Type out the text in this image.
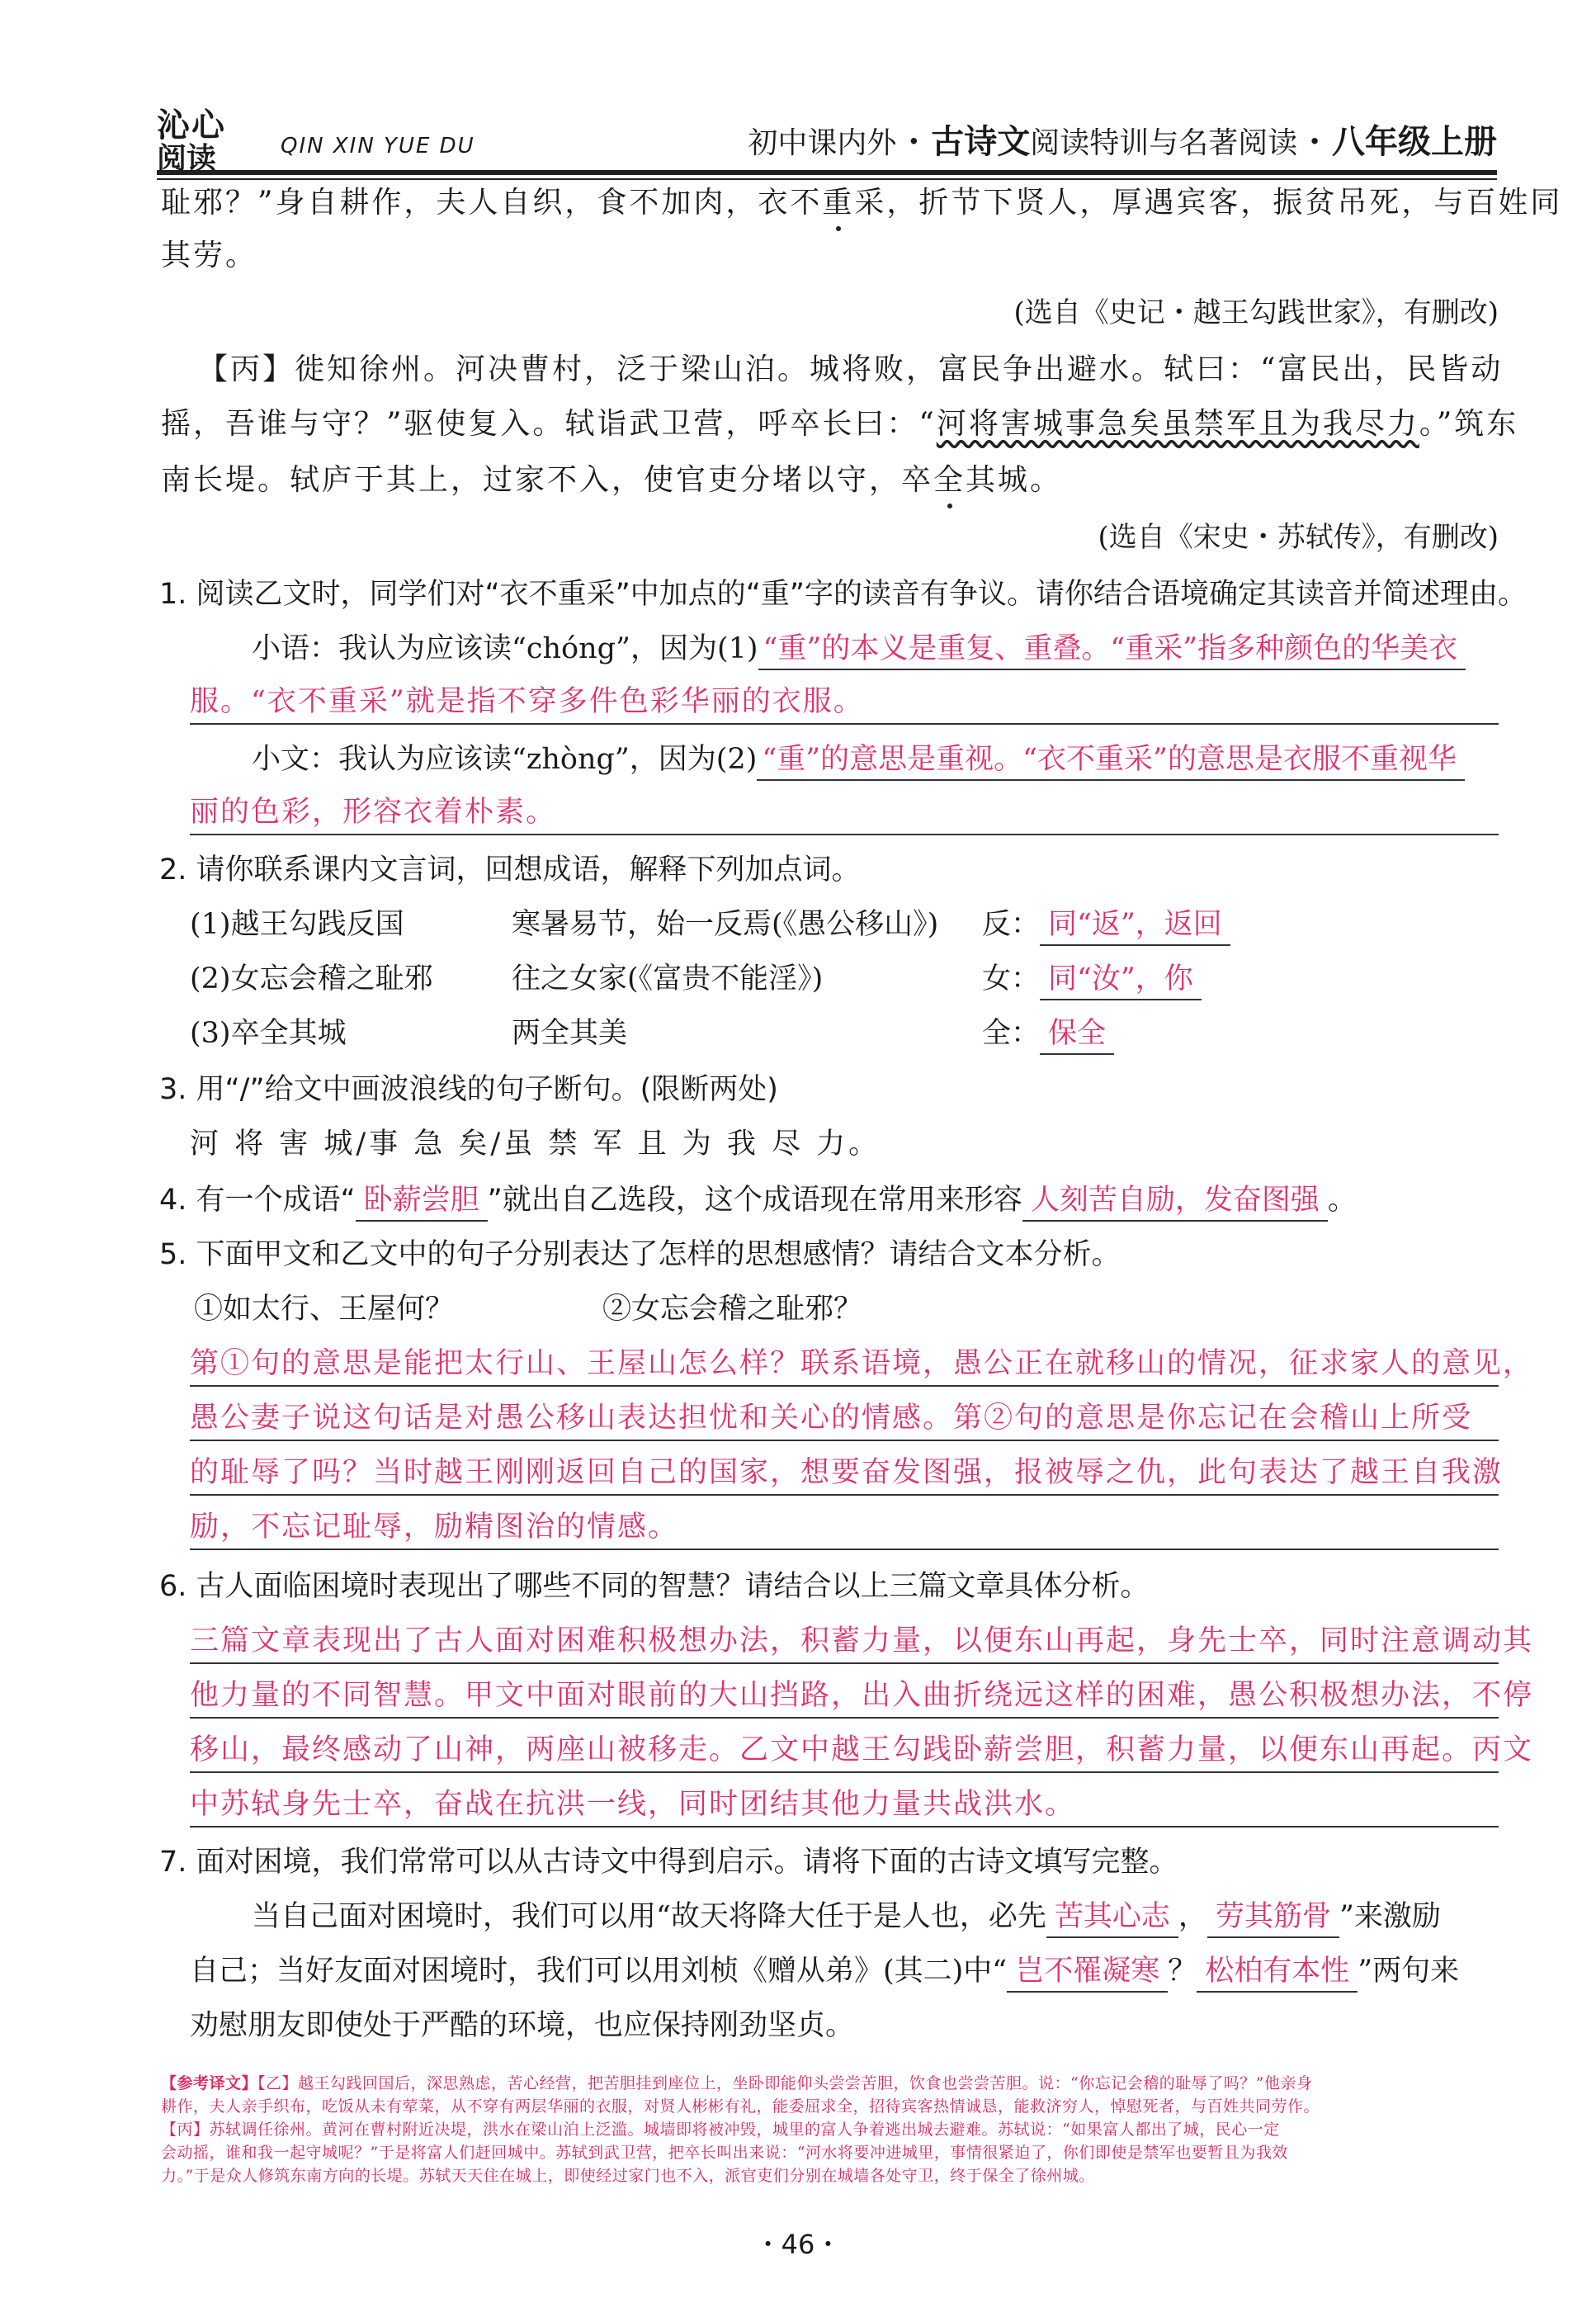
沁心
阅读	QIN XIN YUE DU	初中课内外 · 古诗文阅读特训与名著阅读 · 八年级上册
耻邪？”身自耕作，夫人自织，食不加肉，衣不重采，折节下贤人，厚遇宾客，振贫吊死，与百姓同
其劳。
(选自《史记・越王勾践世家》，有删改)
【丙】徙知徐州。河决曹村，泛于梁山泊。城将败，富民争出避水。轼曰：“富民出，民皆动
摇，吾谁与守？”驱使复入。轼诣武卫营，呼卒长曰：“河将害城事急矣虽禁军且为我尽力。”筑东
南长堤。轼庐于其上，过家不入，使官吏分堵以守，卒全其城。
(选自《宋史・苏轼传》，有删改)
1. 阅读乙文时，同学们对“衣不重采”中加点的“重”字的读音有争议。请你结合语境确定其读音并简述理由。
小语：我认为应该读“chóng”，因为(1) “重”的本义是重复、重叠。“重采”指多种颜色的华美衣
服。“衣不重采”就是指不穿多件色彩华丽的衣服。
小文：我认为应该读“zhòng”，因为(2) “重”的意思是重视。“衣不重采”的意思是衣服不重视华
丽的色彩，形容衣着朴素。
2. 请你联系课内文言词，回想成语，解释下列加点词。
(1)越王勾践反国	寒暑易节，始一反焉(《愚公移山》) 反： 同“返”，返回
(2)女忘会稽之耻邪	往之女家(《富贵不能淫》)	女： 同“汝”，你
(3)卒全其城	两全其美	全： 保全
3. 用“/”给文中画波浪线的句子断句。(限断两处)
河 将 害 城/事 急 矣/虽 禁 军 且 为 我 尽 力。
4. 有一个成语“ 卧薪尝胆 ”就出自乙选段，这个成语现在常用来形容 人刻苦自励，发奋图强 。
5. 下面甲文和乙文中的句子分别表达了怎样的思想感情？请结合文本分析。
①如太行、王屋何？	②女忘会稽之耻邪？
第①句的意思是能把太行山、王屋山怎么样？联系语境，愚公正在就移山的情况，征求家人的意见，
愚公妻子说这句话是对愚公移山表达担忧和关心的情感。第②句的意思是你忘记在会稽山上所受
的耻辱了吗？当时越王刚刚返回自己的国家，想要奋发图强，报被辱之仇，此句表达了越王自我激
励，不忘记耻辱，励精图治的情感。
6. 古人面临困境时表现出了哪些不同的智慧？请结合以上三篇文章具体分析。
三篇文章表现出了古人面对困难积极想办法，积蓄力量，以便东山再起，身先士卒，同时注意调动其
他力量的不同智慧。甲文中面对眼前的大山挡路，出入曲折绕远这样的困难，愚公积极想办法，不停
移山，最终感动了山神，两座山被移走。乙文中越王勾践卧薪尝胆，积蓄力量，以便东山再起。丙文
中苏轼身先士卒，奋战在抗洪一线，同时团结其他力量共战洪水。
7. 面对困境，我们常常可以从古诗文中得到启示。请将下面的古诗文填写完整。
当自己面对困境时，我们可以用“故天将降大任于是人也，必先 苦其心志 ， 劳其筋骨 ”来激励
自己；当好友面对困境时，我们可以用刘桢《赠从弟》(其二)中“ 岂不罹凝寒 ？ 松柏有本性 ”两句来
劝慰朋友即使处于严酷的环境，也应保持刚劲坚贞。
【参考译文】【乙】越王勾践回国后，深思熟虑，苦心经营，把苦胆挂到座位上，坐卧即能仰头尝尝苦胆，饮食也尝尝苦胆。说：“你忘记会稽的耻辱了吗？”他亲身
耕作，夫人亲手织布，吃饭从未有荤菜，从不穿有两层华丽的衣服，对贤人彬彬有礼，能委屈求全，招待宾客热情诚恳，能救济穷人，悼慰死者，与百姓共同劳作。
【丙】苏轼调任徐州。黄河在曹村附近决堤，洪水在梁山泊上泛滥。城墙即将被冲毁，城里的富人争着逃出城去避难。苏轼说：“如果富人都出了城，民心一定
会动摇，谁和我一起守城呢？”于是将富人们赶回城中。苏轼到武卫营，把卒长叫出来说：“河水将要冲进城里，事情很紧迫了，你们即使是禁军也要暂且为我效
力。”于是众人修筑东南方向的长堤。苏轼天天住在城上，即使经过家门也不入，派官吏们分别在城墙各处守卫，终于保全了徐州城。
・46・
